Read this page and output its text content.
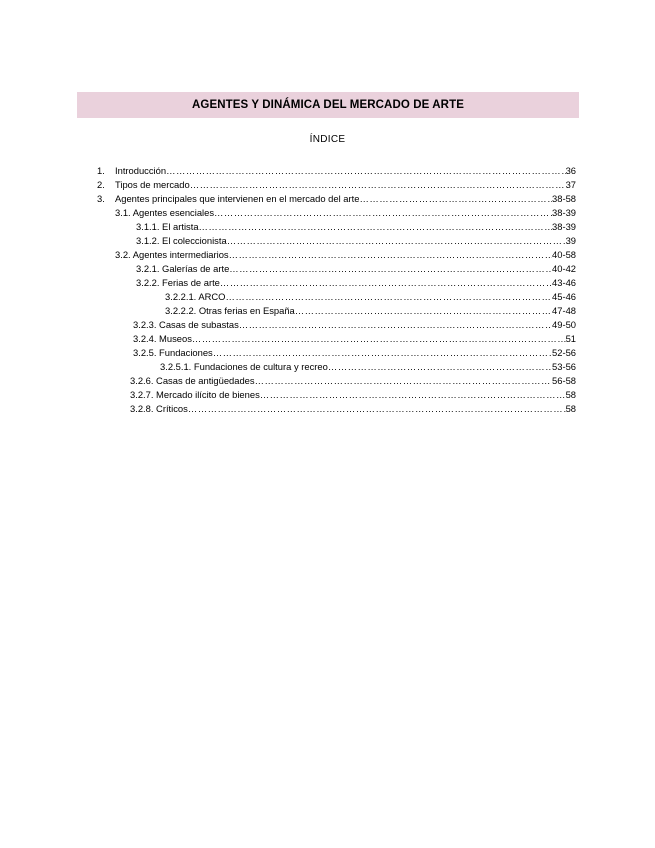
AGENTES Y DINÁMICA DEL MERCADO DE ARTE
ÍNDICE
1.	Introducción ……………………………………………………………………………………………………………………………………………………………………………………………………………	36
2.	Tipos de mercado ……………………………………………………………………………………………………………………………………………………………………………………………………………	37
3.	Agentes principales que intervienen en el mercado del arte ……………………………………………………………………………………………………………………………………………………………………………………………………………	38-58
3.1. Agentes esenciales ……………………………………………………………………………………………………………………………………………………………………………………………………………	38-39
3.1.1. El artista ……………………………………………………………………………………………………………………………………………………………………………………………………………	38-39
3.1.2. El coleccionista ……………………………………………………………………………………………………………………………………………………………………………………………………………	39
3.2. Agentes intermediarios ……………………………………………………………………………………………………………………………………………………………………………………………………………	40-58
3.2.1. Galerías de arte ……………………………………………………………………………………………………………………………………………………………………………………………………………	40-42
3.2.2. Ferias de arte ……………………………………………………………………………………………………………………………………………………………………………………………………………	43-46
3.2.2.1. ARCO ……………………………………………………………………………………………………………………………………………………………………………………………………………	45-46
3.2.2.2. Otras ferias en España ……………………………………………………………………………………………………………………………………………………………………………………………………………	47-48
3.2.3. Casas de subastas ……………………………………………………………………………………………………………………………………………………………………………………………………………	49-50
3.2.4. Museos ……………………………………………………………………………………………………………………………………………………………………………………………………………	51
3.2.5. Fundaciones ……………………………………………………………………………………………………………………………………………………………………………………………………………	52-56
3.2.5.1. Fundaciones de cultura y recreo ……………………………………………………………………………………………………………………………………………………………………………………………………………	53-56
3.2.6. Casas de antigüedades ……………………………………………………………………………………………………………………………………………………………………………………………………………	56-58
3.2.7. Mercado ilícito de bienes ……………………………………………………………………………………………………………………………………………………………………………………………………………	58
3.2.8. Críticos ……………………………………………………………………………………………………………………………………………………………………………………………………………	58
